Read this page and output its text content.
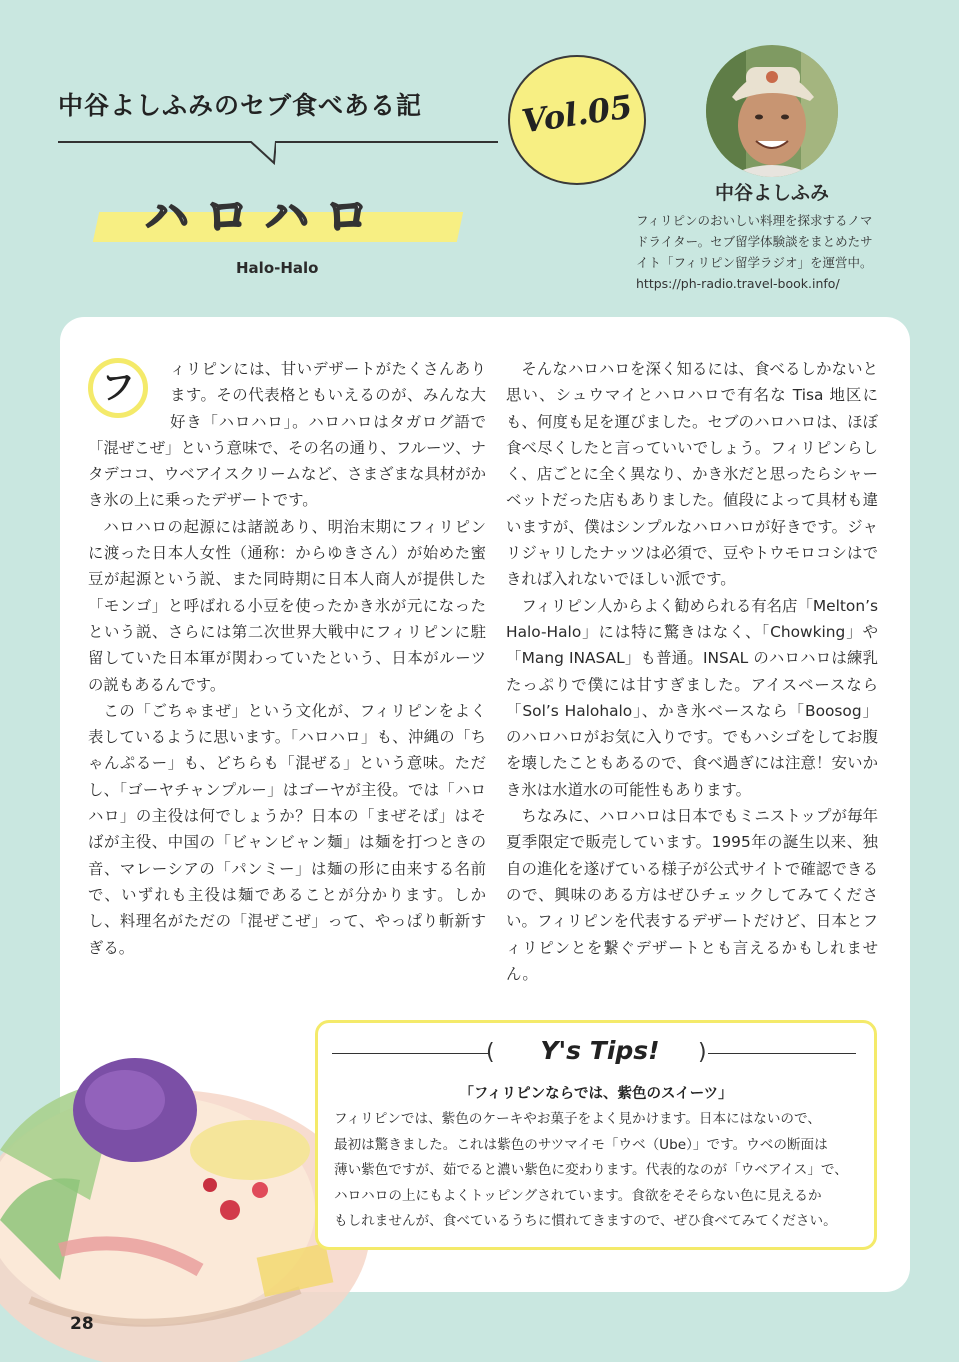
中谷よしふみのセブ食べある記	Vol.05
ハロハロ
Halo-Halo
中谷よしふみ

フィリピンのおいしい料理を探求するノマ

ドライター。セブ留学体験談をまとめたサ

イト「フィリピン留学ラジオ」を運営中。

https://ph-radio.travel-book.info/

フ	ィリピンには、甘いデザートがたくさんあります。その代表格ともいえるのが、みんな大好き「ハロハロ」。ハロハロはタガログ語で「混ぜこぜ」という意味で、その名の通り、フルーツ、ナタデココ、ウベアイスクリームなど、さまざまな具材がかき氷の上に乗ったデザートです。

ハロハロの起源には諸説あり、明治末期にフィリピンに渡った日本人女性（通称：からゆきさん）が始めた蜜豆が起源という説、また同時期に日本人商人が提供した「モンゴ」と呼ばれる小豆を使ったかき氷が元になったという説、さらには第二次世界大戦中にフィリピンに駐留していた日本軍が関わっていたという、日本がルーツの説もあるんです。

この「ごちゃまぜ」という文化が、フィリピンをよく表しているように思います。「ハロハロ」も、沖縄の「ちゃんぷるー」も、どちらも「混ぜる」という意味。ただし、「ゴーヤチャンプルー」はゴーヤが主役。では「ハロハロ」の主役は何でしょうか？日本の「まぜそば」はそばが主役、中国の「ビャンビャン麺」は麺を打つときの音、マレーシアの「パンミー」は麺の形に由来する名前で、いずれも主役は麺であることが分かります。しかし、料理名がただの「混ぜこぜ」って、やっぱり斬新すぎる。

そんなハロハロを深く知るには、食べるしかないと思い、シュウマイとハロハロで有名な Tisa 地区にも、何度も足を運びました。セブのハロハロは、ほぼ食べ尽くしたと言っていいでしょう。フィリピンらしく、店ごとに全く異なり、かき氷だと思ったらシャーベットだった店もありました。値段によって具材も違いますが、僕はシンプルなハロハロが好きです。ジャリジャリしたナッツは必須で、豆やトウモロコシはできれば入れないでほしい派です。

フィリピン人からよく勧められる有名店「Melton’s Halo-Halo」には特に驚きはなく、「Chowking」や「Mang INASAL」も普通。INSAL のハロハロは練乳たっぷりで僕には甘すぎました。アイスベースなら「Sol’s Halohalo」、かき氷ベースなら「Boosog」のハロハロがお気に入りです。でもハシゴをしてお腹を壊したこともあるので、食べ過ぎには注意！安いかき氷は水道水の可能性もあります。

ちなみに、ハロハロは日本でもミニストップが毎年夏季限定で販売しています。1995年の誕生以来、独自の進化を遂げている様子が公式サイトで確認できるので、興味のある方はぜひチェックしてみてください。フィリピンを代表するデザートだけど、日本とフィリピンとを繋ぐデザートとも言えるかもしれません。

(	)
Y's Tips!
「フィリピンならでは、紫色のスイーツ」

フィリピンでは、紫色のケーキやお菓子をよく見かけます。日本にはないので、

最初は驚きました。これは紫色のサツマイモ「ウベ（Ube）」です。ウベの断面は

薄い紫色ですが、茹でると濃い紫色に変わります。代表的なのが「ウベアイス」で、

ハロハロの上にもよくトッピングされています。食欲をそそらない色に見えるか

もしれませんが、食べているうちに慣れてきますので、ぜひ食べてみてください。

28
